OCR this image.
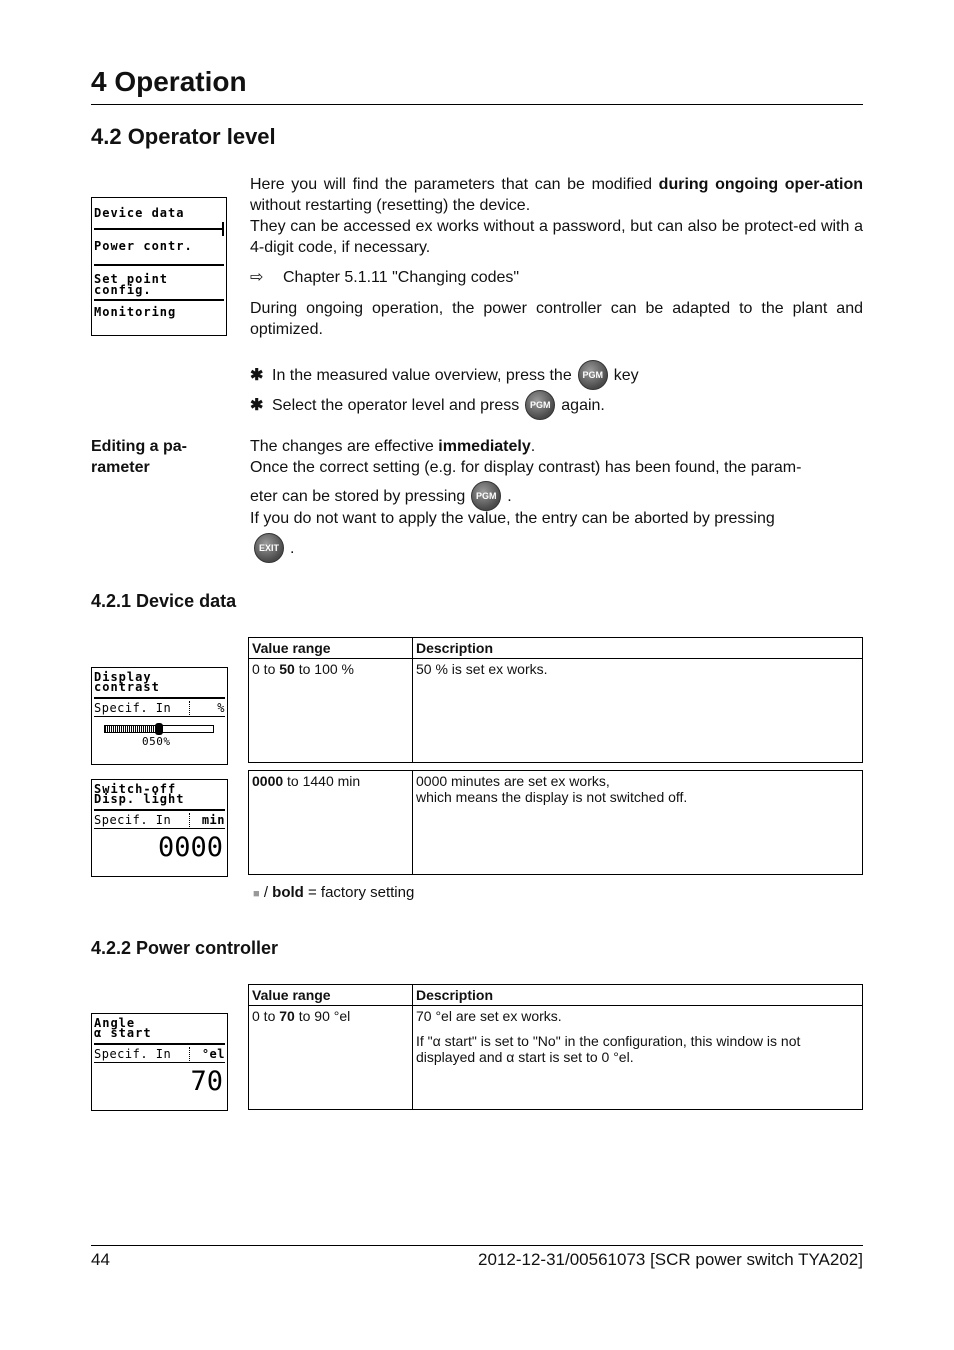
4 Operation
4.2 Operator level
Device data
Power contr.
Set point
config.
Monitoring
Here you will find the parameters that can be modified during ongoing oper-ation without restarting (resetting) the device.
They can be accessed ex works without a password, but can also be protect-ed with a 4-digit code, if necessary.
⇨ Chapter 5.1.11 "Changing codes"
During ongoing operation, the power controller can be adapted to the plant and optimized.
✱ In the measured value overview, press the	PGM key
✱ Select the operator level and press	PGM again.
Editing a pa-rameter
The changes are effective immediately.
Once the correct setting (e.g. for display contrast) has been found, the param-
eter can be stored by pressing	PGM .
If you do not want to apply the value, the entry can be aborted by pressing
EXIT .
4.2.1 Device data
Value range	Description
0 to 50 to 100 %	50 % is set ex works.

0000 to 1440 min	0000 minutes are set ex works,
which means the display is not switched off.
Display
contrast
Specif. In	%
050%
Switch-off
Disp. light
Specif. In	min
0000
■ / bold = factory setting
4.2.2 Power controller
Value range	Description
0 to 70 to 90 °el	70 °el are set ex works.
If "α start" is set to "No" in the configuration, this window is not displayed and α start is set to 0 °el.
Angle
α start
Specif. In	°el
70
44	2012-12-31/00561073 [SCR power switch TYA202]
